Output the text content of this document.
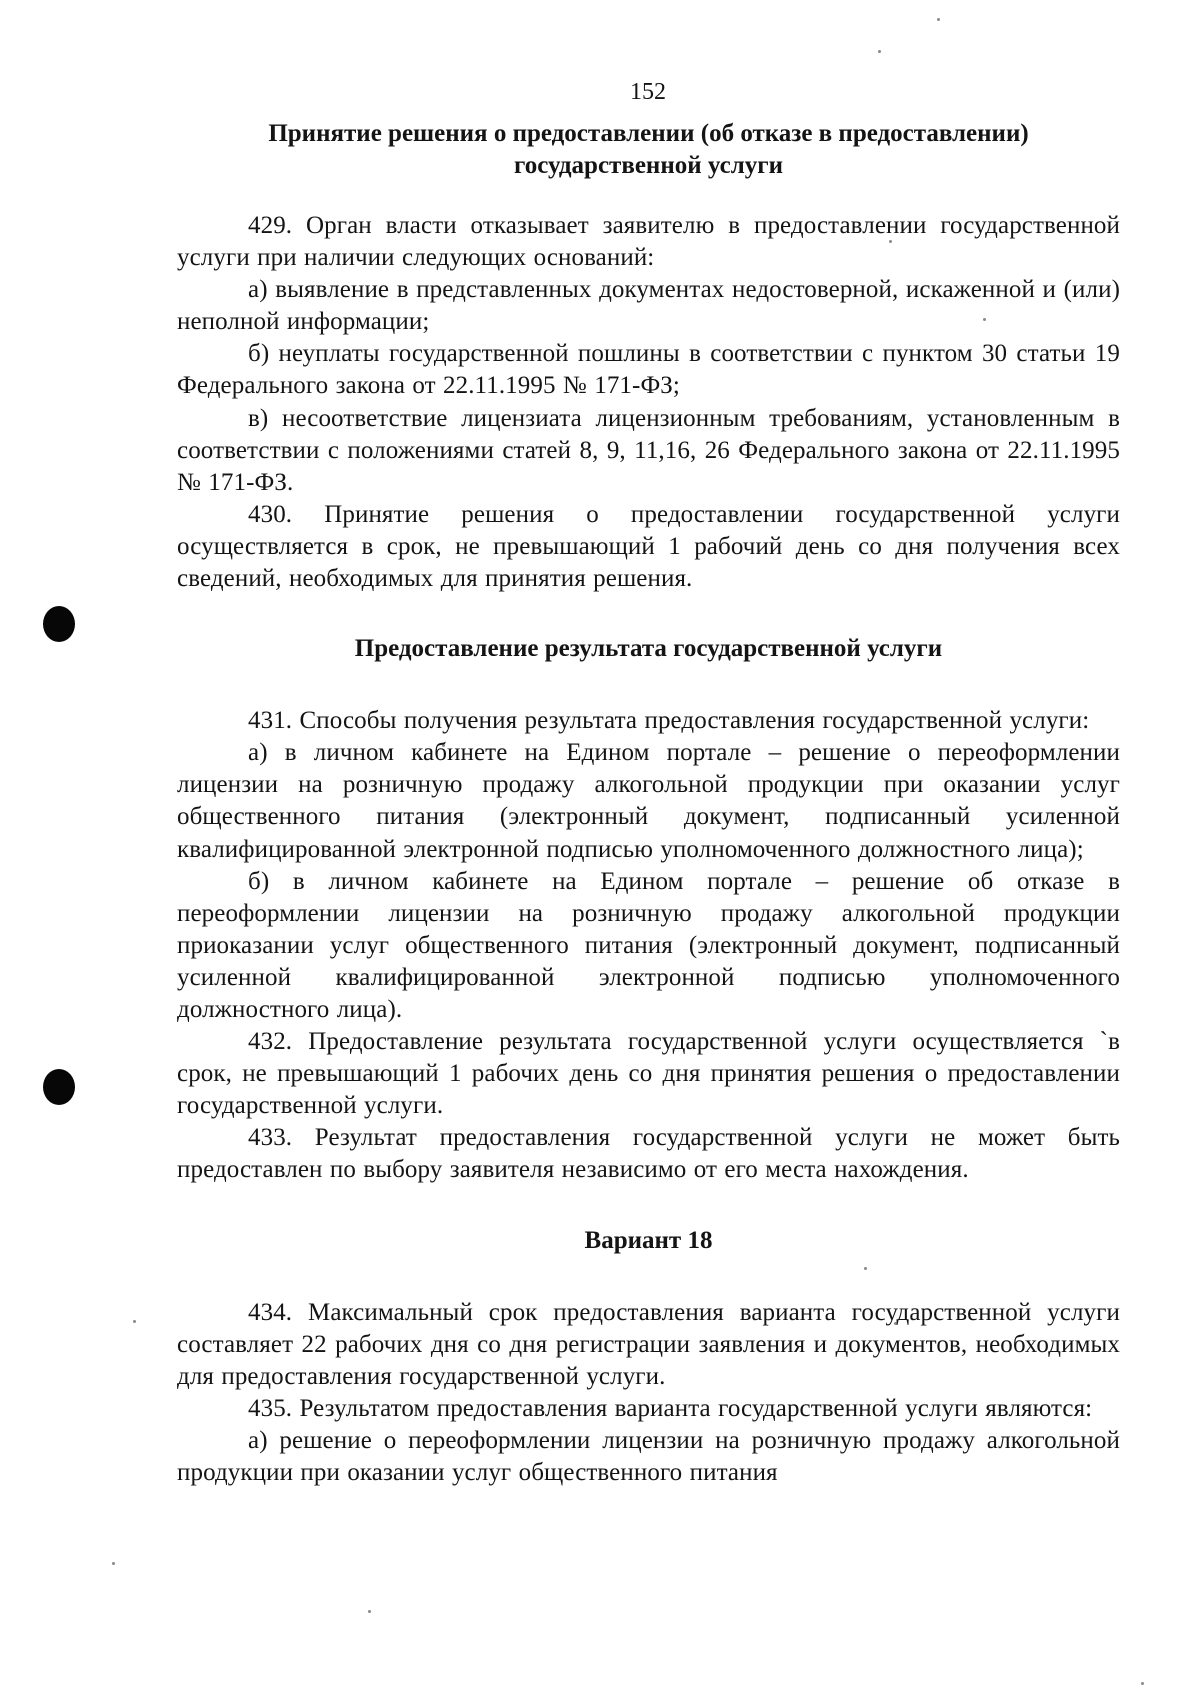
152
Принятие решения о предоставлении (об отказе в предоставлении) государственной услуги

429. Орган власти отказывает заявителю в предоставлении государственной услуги при наличии следующих оснований:

а) выявление в представленных документах недостоверной, искаженной и (или) неполной информации;

б) неуплаты государственной пошлины в соответствии с пунктом 30 статьи 19 Федерального закона от 22.11.1995 № 171-ФЗ;

в) несоответствие лицензиата лицензионным требованиям, установленным в соответствии с положениями статей 8, 9, 11,16, 26 Федерального закона от 22.11.1995 № 171-ФЗ.

430. Принятие решения о предоставлении государственной услуги осуществляется в срок, не превышающий 1 рабочий день со дня получения всех сведений, необходимых для принятия решения.

Предоставление результата государственной услуги

431. Способы получения результата предоставления государственной услуги:

а) в личном кабинете на Едином портале – решение о переоформлении лицензии на розничную продажу алкогольной продукции при оказании услуг общественного питания (электронный документ, подписанный усиленной квалифицированной электронной подписью уполномоченного должностного лица);

б) в личном кабинете на Едином портале – решение об отказе в переоформлении лицензии на розничную продажу алкогольной продукции приоказании услуг общественного питания (электронный документ, подписанный усиленной квалифицированной электронной подписью уполномоченного должностного лица).

432. Предоставление результата государственной услуги осуществляется `в срок, не превышающий 1 рабочих день со дня принятия решения о предоставлении государственной услуги.

433. Результат предоставления государственной услуги не может быть предоставлен по выбору заявителя независимо от его места нахождения.

Вариант 18

434. Максимальный срок предоставления варианта государственной услуги составляет 22 рабочих дня со дня регистрации заявления и документов, необходимых для предоставления государственной услуги.

435. Результатом предоставления варианта государственной услуги являются:

а) решение о переоформлении лицензии на розничную продажу алкогольной продукции при оказании услуг общественного питания
